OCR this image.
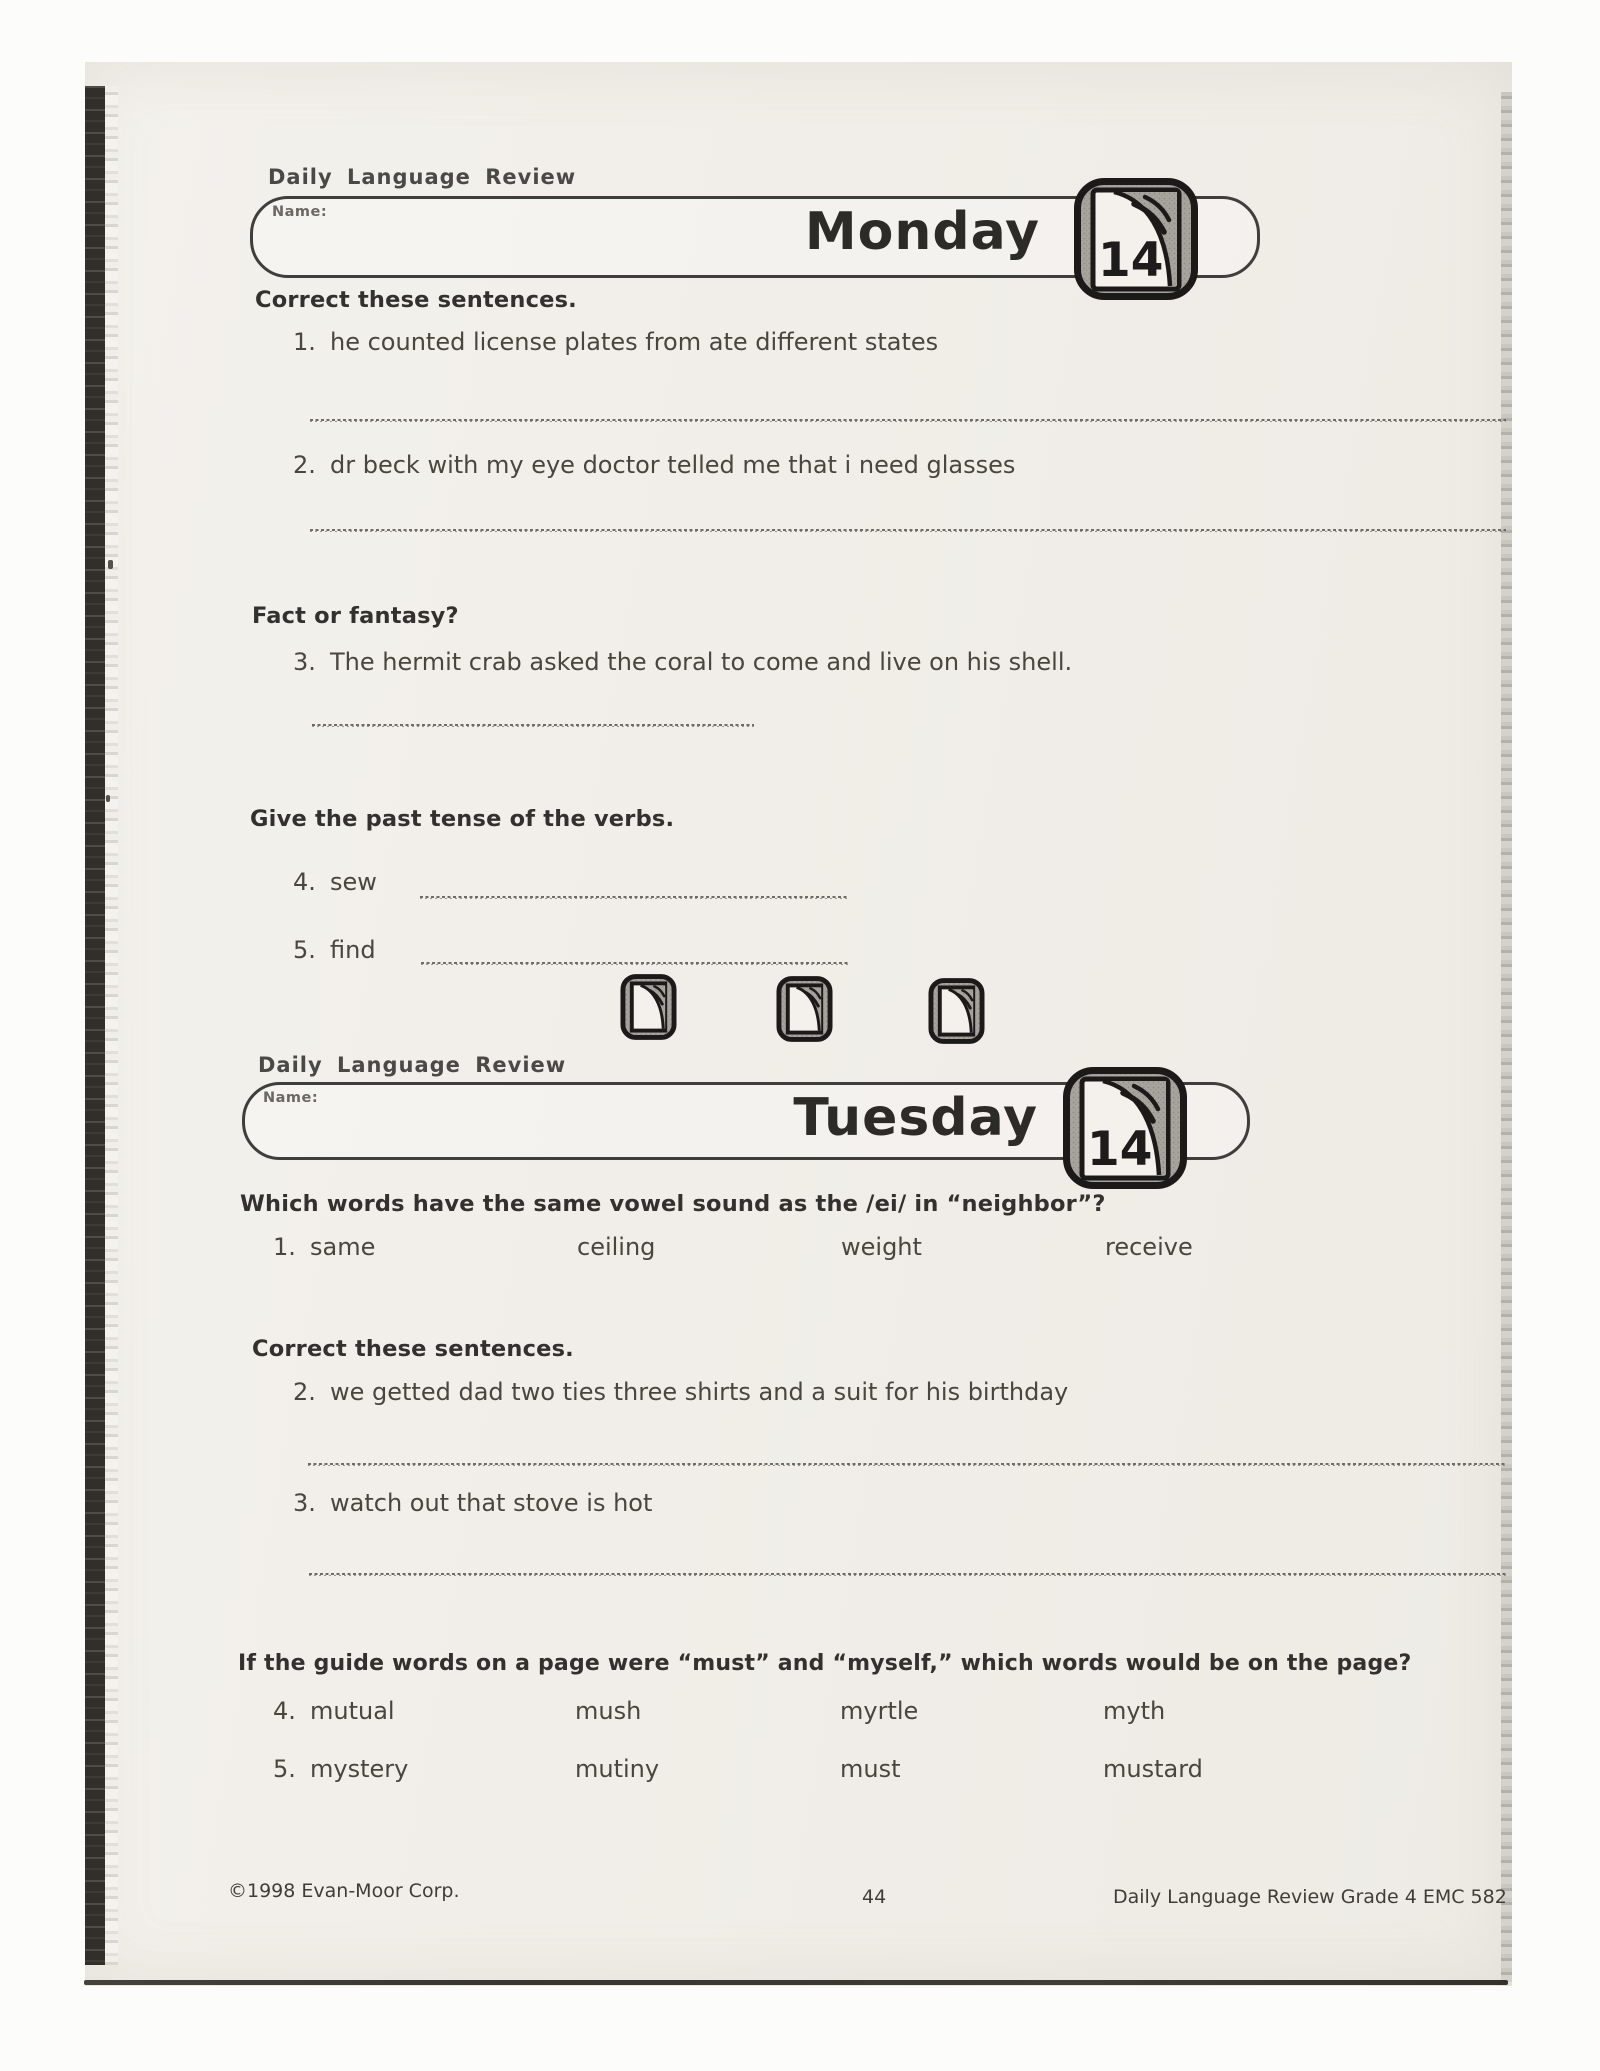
Daily Language Review
Name:	Monday 14
Correct these sentences.
1. he counted license plates from ate different states
2. dr beck with my eye doctor telled me that i need glasses
Fact or fantasy?
3. The hermit crab asked the coral to come and live on his shell.
Give the past tense of the verbs.
4. sew
5. find
Daily Language Review
Name:	Tuesday
14
Which words have the same vowel sound as the /ei/ in “neighbor”?
1. same	ceiling	weight	receive
Correct these sentences.
2. we getted dad two ties three shirts and a suit for his birthday
3. watch out that stove is hot
If the guide words on a page were “must” and “myself,” which words would be on the page?
4. mutual	mush	myrtle	myth
5. mystery	mutiny	must	mustard
©1998 Evan-Moor Corp.	44	Daily Language Review Grade 4 EMC 582
